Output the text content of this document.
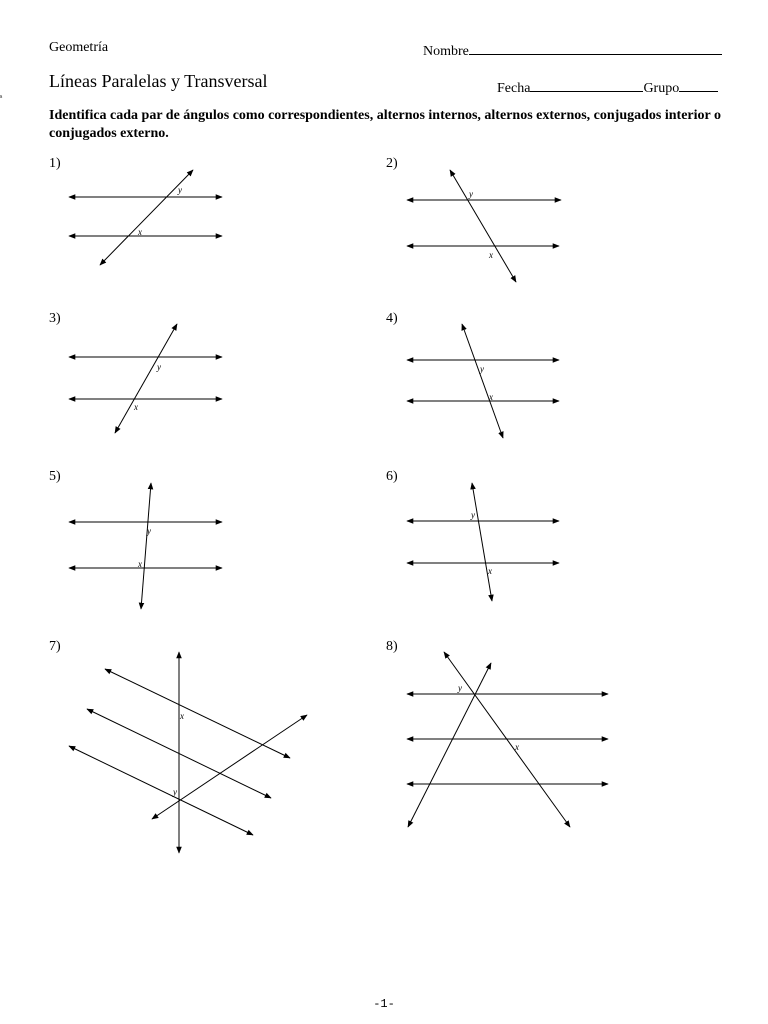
Geometría	Nombre
Líneas Paralelas y Transversal	Fecha	Grupo
s
Identifica cada par de ángulos como correspondientes, alternos internos, alternos externos, conjugados interior o conjugados externo.
1)	2)
3)	4)
5)	6)
7)	8)
y
x
y
x
y
x
y
x
y
x
y
x
x
y
y
x
-1-
